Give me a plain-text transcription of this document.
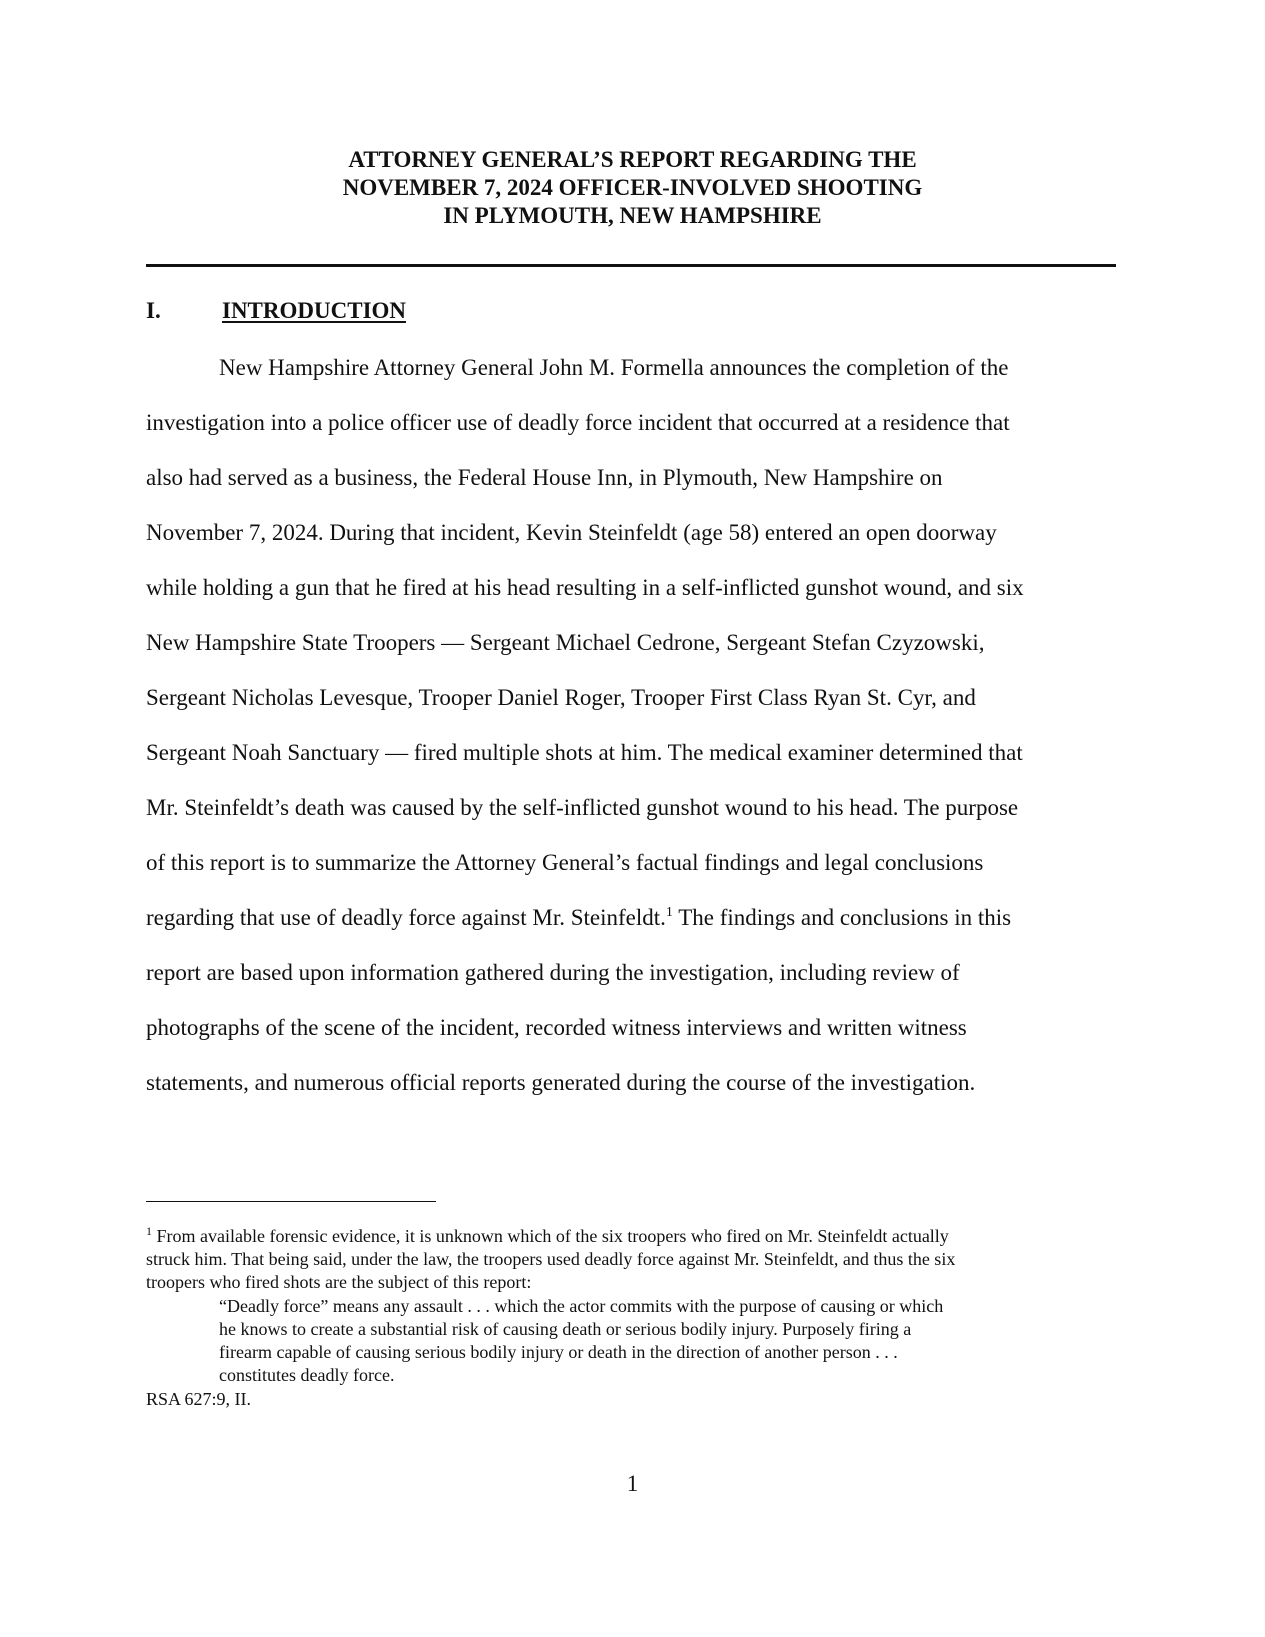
ATTORNEY GENERAL’S REPORT REGARDING THE
NOVEMBER 7, 2024 OFFICER-INVOLVED SHOOTING
IN PLYMOUTH, NEW HAMPSHIRE
I.	INTRODUCTION
New Hampshire Attorney General John M. Formella announces the completion of the
investigation into a police officer use of deadly force incident that occurred at a residence that
also had served as a business, the Federal House Inn, in Plymouth, New Hampshire on
November 7, 2024. During that incident, Kevin Steinfeldt (age 58) entered an open doorway
while holding a gun that he fired at his head resulting in a self-inflicted gunshot wound, and six
New Hampshire State Troopers — Sergeant Michael Cedrone, Sergeant Stefan Czyzowski,
Sergeant Nicholas Levesque, Trooper Daniel Roger, Trooper First Class Ryan St. Cyr, and
Sergeant Noah Sanctuary — fired multiple shots at him. The medical examiner determined that
Mr. Steinfeldt’s death was caused by the self-inflicted gunshot wound to his head. The purpose
of this report is to summarize the Attorney General’s factual findings and legal conclusions
regarding that use of deadly force against Mr. Steinfeldt.$^1$ The findings and conclusions in this
report are based upon information gathered during the investigation, including review of
photographs of the scene of the incident, recorded witness interviews and written witness
statements, and numerous official reports generated during the course of the investigation.
$^1$ From available forensic evidence, it is unknown which of the six troopers who fired on Mr. Steinfeldt actually
struck him. That being said, under the law, the troopers used deadly force against Mr. Steinfeldt, and thus the six
troopers who fired shots are the subject of this report:
“Deadly force” means any assault . . . which the actor commits with the purpose of causing or which
he knows to create a substantial risk of causing death or serious bodily injury. Purposely firing a
firearm capable of causing serious bodily injury or death in the direction of another person . . .
constitutes deadly force.
RSA 627:9, II.
1
